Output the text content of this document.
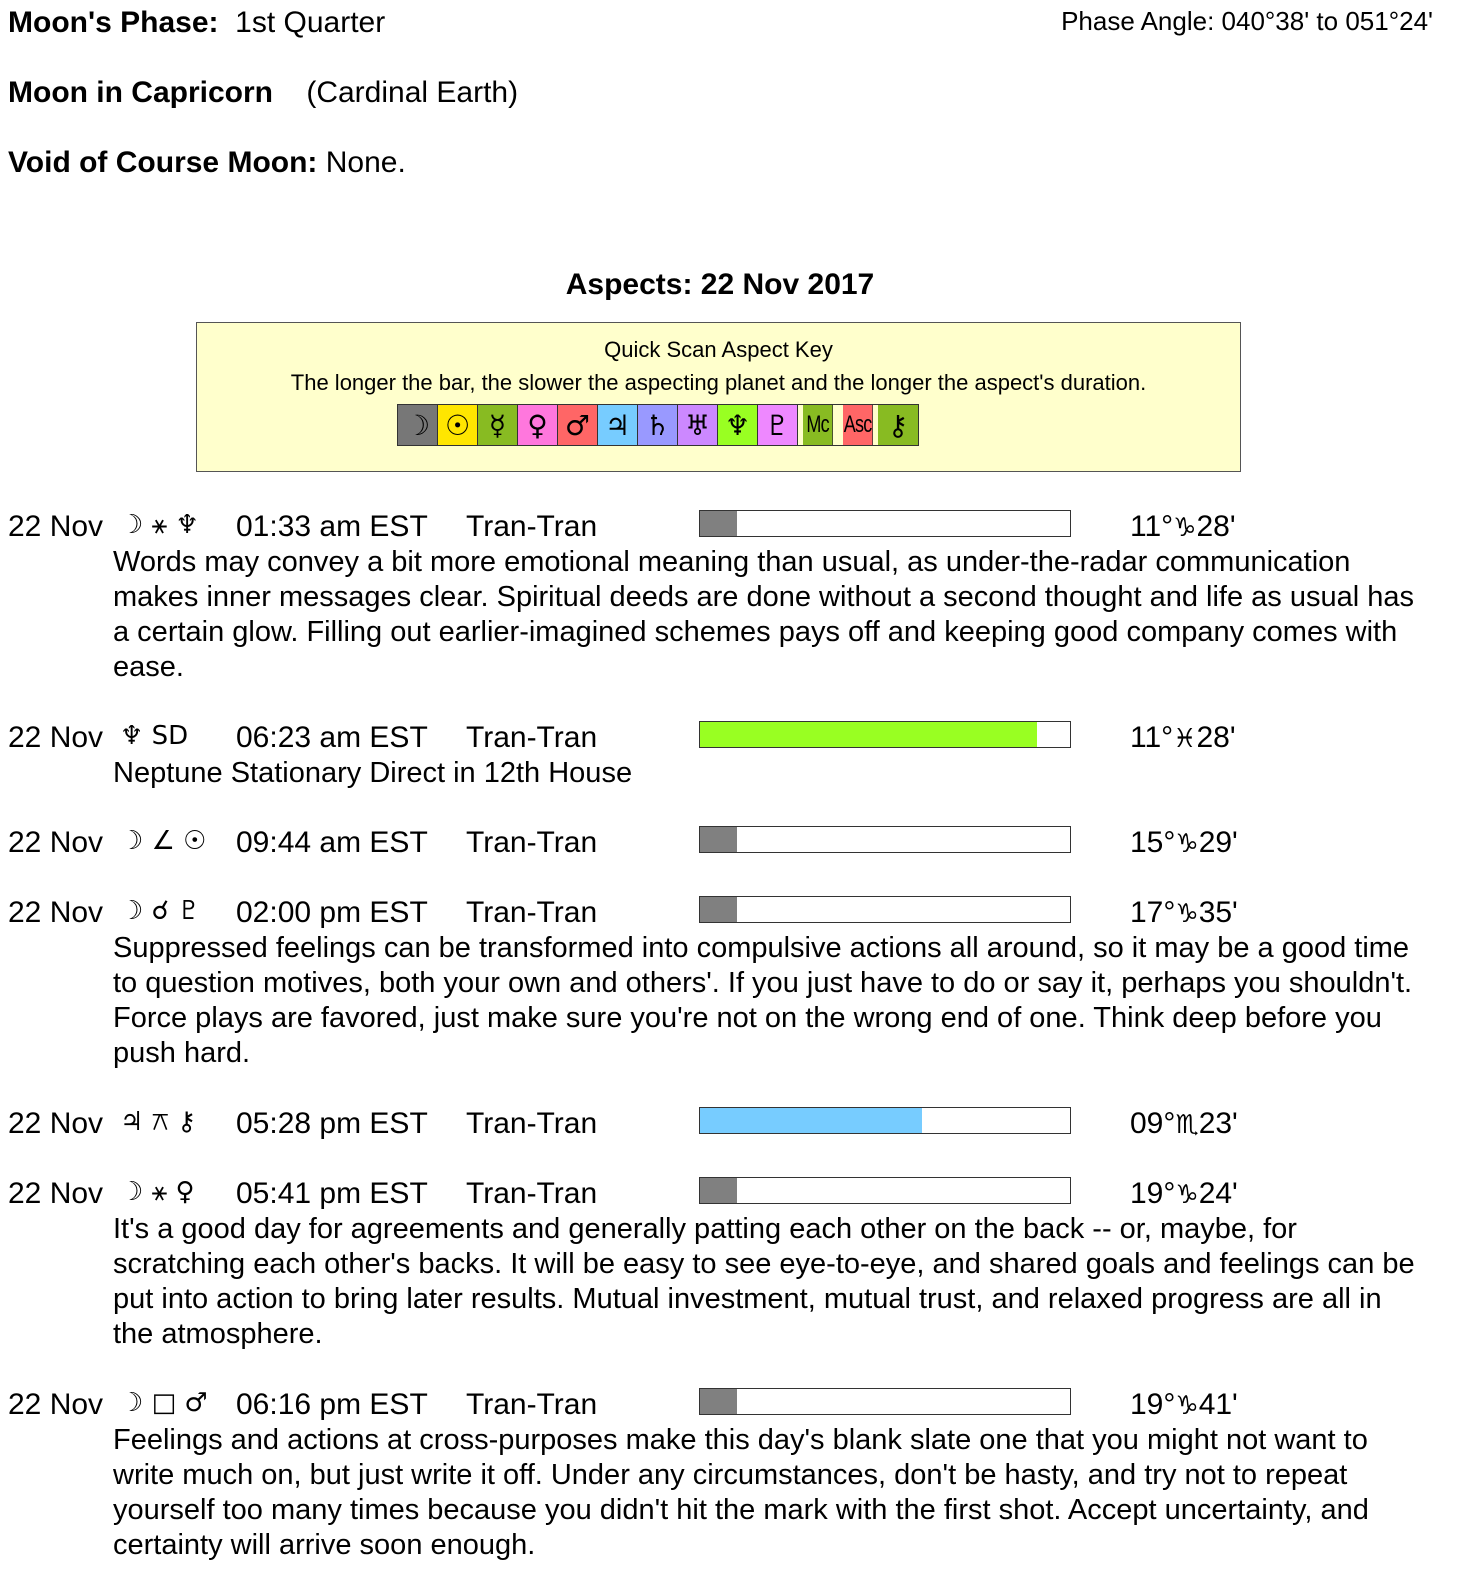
Moon's Phase: 1st Quarter	Phase Angle: 040°38' to 051°24'
Moon in Capricorn (Cardinal Earth)
Void of Course Moon: None.
Aspects: 22 Nov 2017
Quick Scan Aspect Key
The longer the bar, the slower the aspecting planet and the longer the aspect's duration.
☽ ☉ ☿ ♀ ♂ ♃ ♄ ♅ ♆ ♇ Mc Asc ⚷
22 Nov ☽ ⚹ ♆ 01:33 am EST Tran-Tran	11°♑28'
Words may convey a bit more emotional meaning than usual, as under-the-radar communication makes inner messages clear. Spiritual deeds are done without a second thought and life as usual has a certain glow. Filling out earlier-imagined schemes pays off and keeping good company comes with ease.
22 Nov ♆ SD 06:23 am EST Tran-Tran	11°♓28'
Neptune Stationary Direct in 12th House
22 Nov ☽ ∠ ☉ 09:44 am EST Tran-Tran	15°♑29'
22 Nov ☽ ☌ ♇ 02:00 pm EST Tran-Tran	17°♑35'
Suppressed feelings can be transformed into compulsive actions all around, so it may be a good time to question motives, both your own and others'. If you just have to do or say it, perhaps you shouldn't. Force plays are favored, just make sure you're not on the wrong end of one. Think deep before you push hard.
22 Nov ♃ ⚻ ⚷ 05:28 pm EST Tran-Tran	09°♏23'
22 Nov ☽ ⚹ ♀ 05:41 pm EST Tran-Tran	19°♑24'
It's a good day for agreements and generally patting each other on the back -- or, maybe, for scratching each other's backs. It will be easy to see eye-to-eye, and shared goals and feelings can be put into action to bring later results. Mutual investment, mutual trust, and relaxed progress are all in the atmosphere.
22 Nov ☽ □ ♂ 06:16 pm EST Tran-Tran	19°♑41'
Feelings and actions at cross-purposes make this day's blank slate one that you might not want to write much on, but just write it off. Under any circumstances, don't be hasty, and try not to repeat yourself too many times because you didn't hit the mark with the first shot. Accept uncertainty, and certainty will arrive soon enough.
